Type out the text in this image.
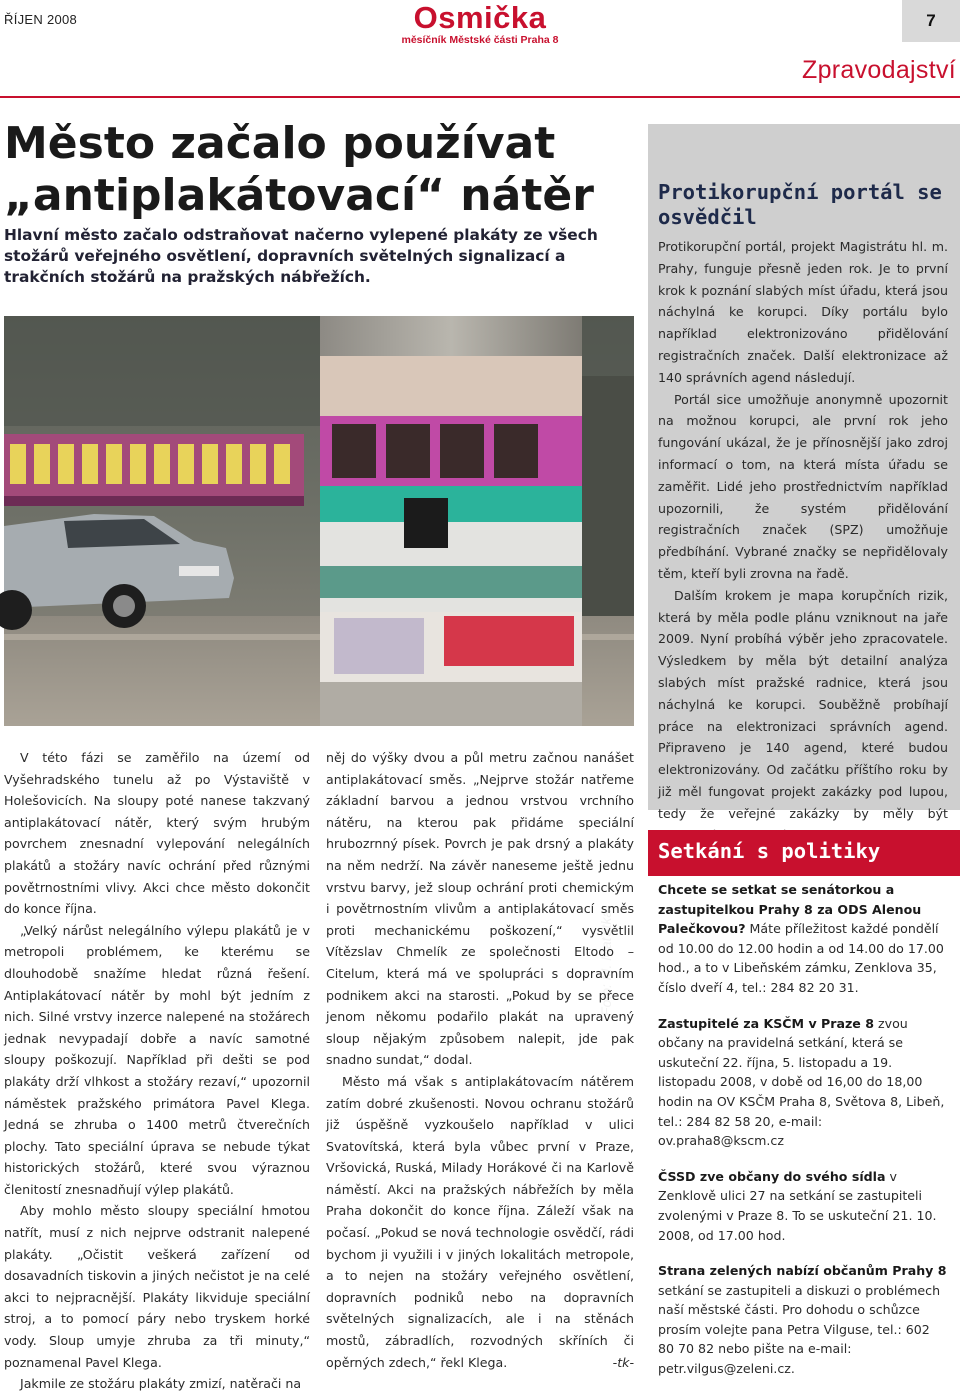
ŘÍJEN 2008	Osmička
měsíčník Městské části Praha 8
7
Zpravodajství
Město začalo používat
„antiplakátovací“ nátěr

Hlavní město začalo odstraňovat načerno vylepené plakáty ze všech stožárů veřejného osvětlení, dopravních světelných signalizací a trakčních stožárů na pražských nábřežích.

Foto: M. Maťatka

V této fázi se zaměřilo na území od Vyšehradského tunelu až po Výstaviště v Holešovicích. Na sloupy poté nanese takzvaný antiplakátovací nátěr, který svým hrubým povrchem znesnadní vylepování nelegálních plakátů a stožáry navíc ochrání před různými povětrnostními vlivy. Akci chce město dokončit do konce října.

„Velký nárůst nelegálního výlepu plakátů je v metropoli problémem, ke kterému se dlouhodobě snažíme hledat různá řešení. Antiplakátovací nátěr by mohl být jedním z nich. Silné vrstvy inzerce nalepené na stožárech jednak nevypadají dobře a navíc samotné sloupy poškozují. Například při dešti se pod plakáty drží vlhkost a stožáry rezaví,“ upozornil náměstek pražského primátora Pavel Klega. Jedná se zhruba o 1400 metrů čtverečních plochy. Tato speciální úprava se nebude týkat historických stožárů, které svou výraznou členitostí znesnadňují výlep plakátů.

Aby mohlo město sloupy speciální hmotou natřít, musí z nich nejprve odstranit nalepené plakáty. „Očistit veškerá zařízení od dosavadních tiskovin a jiných nečistot je na celé akci to nejpracnější. Plakáty likviduje speciální stroj, a to pomocí páry nebo tryskem horké vody. Sloup umyje zhruba za tři minuty,“ poznamenal Pavel Klega.

Jakmile ze stožáru plakáty zmizí, natěrači na

něj do výšky dvou a půl metru začnou nanášet antiplakátovací směs. „Nejprve stožár natřeme základní barvou a jednou vrstvou vrchního nátěru, na kterou pak přidáme speciální hrubozrnný písek. Povrch je pak drsný a plakáty na něm nedrží. Na závěr naneseme ještě jednu vrstvu barvy, jež sloup ochrání proti chemickým i povětrnostním vlivům a antiplakátovací směs proti mechanickému poškození,“ vysvětlil Vítězslav Chmelík ze společnosti Eltodo – Citelum, která má ve spolupráci s dopravním podnikem akci na starosti. „Pokud by se přece jenom někomu podařilo plakát na upravený sloup nějakým způsobem nalepit, jde pak snadno sundat,“ dodal.

Město má však s antiplakátovacím nátěrem zatím dobré zkušenosti. Novou ochranu stožárů již úspěšně vyzkoušelo například v ulici Svatovítská, která byla vůbec první v Praze, Vršovická, Ruská, Milady Horákové či na Karlově náměstí. Akci na pražských nábřežích by měla Praha dokončit do konce října. Záleží však na počasí. „Pokud se nová technologie osvědčí, rádi bychom ji využili i v jiných lokalitách metropole, a to nejen na stožáry veřejného osvětlení, dopravních podniků nebo na dopravních světelných signalizacích, ale i na stěnách mostů, zábradlích, rozvodných skříních či opěrných zdech,“ řekl Klega.	-tk-

Protikorupční portál se osvědčil

Protikorupční portál, projekt Magistrátu hl. m. Prahy, funguje přesně jeden rok. Je to první krok k poznání slabých míst úřadu, která jsou náchylná ke korupci. Díky portálu bylo například elektronizováno přidělování registračních značek. Další elektronizace až 140 správních agend následují.

Portál sice umožňuje anonymně upozornit na možnou korupci, ale první rok jeho fungování ukázal, že je přínosnější jako zdroj informací o tom, na která místa úřadu se zaměřit. Lidé jeho prostřednictvím například upozornili, že systém přidělování registračních značek (SPZ) umožňuje předbíhání. Vybrané značky se nepřidělovaly těm, kteří byli zrovna na řadě.

Dalším krokem je mapa korupčních rizik, která by měla podle plánu vzniknout na jaře 2009. Nyní probíhá výběr jeho zpracovatele. Výsledkem by měla být detailní analýza slabých míst pražské radnice, která jsou náchylná ke korupci. Souběžně probíhají práce na elektronizaci správních agend. Připraveno je 140 agend, které budou elektronizovány. Od začátku příštího roku by již měl fungovat projekt zakázky pod lupou, tedy že veřejné zakázky by měly být

Setkání s politiky

Chcete se setkat se senátorkou a zastupitelkou Prahy 8 za ODS Alenou Palečkovou? Máte příležitost každé pondělí od 10.00 do 12.00 hodin a od 14.00 do 17.00 hod., a to v Libeňském zámku, Zenklova 35, číslo dveří 4, tel.: 284 82 20 31.

Zastupitelé za KSČM v Praze 8 zvou občany na pravidelná setkání, která se uskuteční 22. října, 5. listopadu a 19. listopadu 2008, v době od 16,00 do 18,00 hodin na OV KSČM Praha 8, Světova 8, Libeň, tel.: 284 82 58 20, e-mail: ov.praha8@kscm.cz

ČSSD zve občany do svého sídla v Zenklově ulici 27 na setkání se zastupiteli zvolenými v Praze 8. To se uskuteční 21. 10. 2008, od 17.00 hod.

Strana zelených nabízí občanům Prahy 8 setkání se zastupiteli a diskuzi o problémech naší městské části. Pro dohodu o schůzce prosím volejte pana Petra Vilguse, tel.: 602 80 70 82 nebo pište na e-mail: petr.vilgus@zeleni.cz.
